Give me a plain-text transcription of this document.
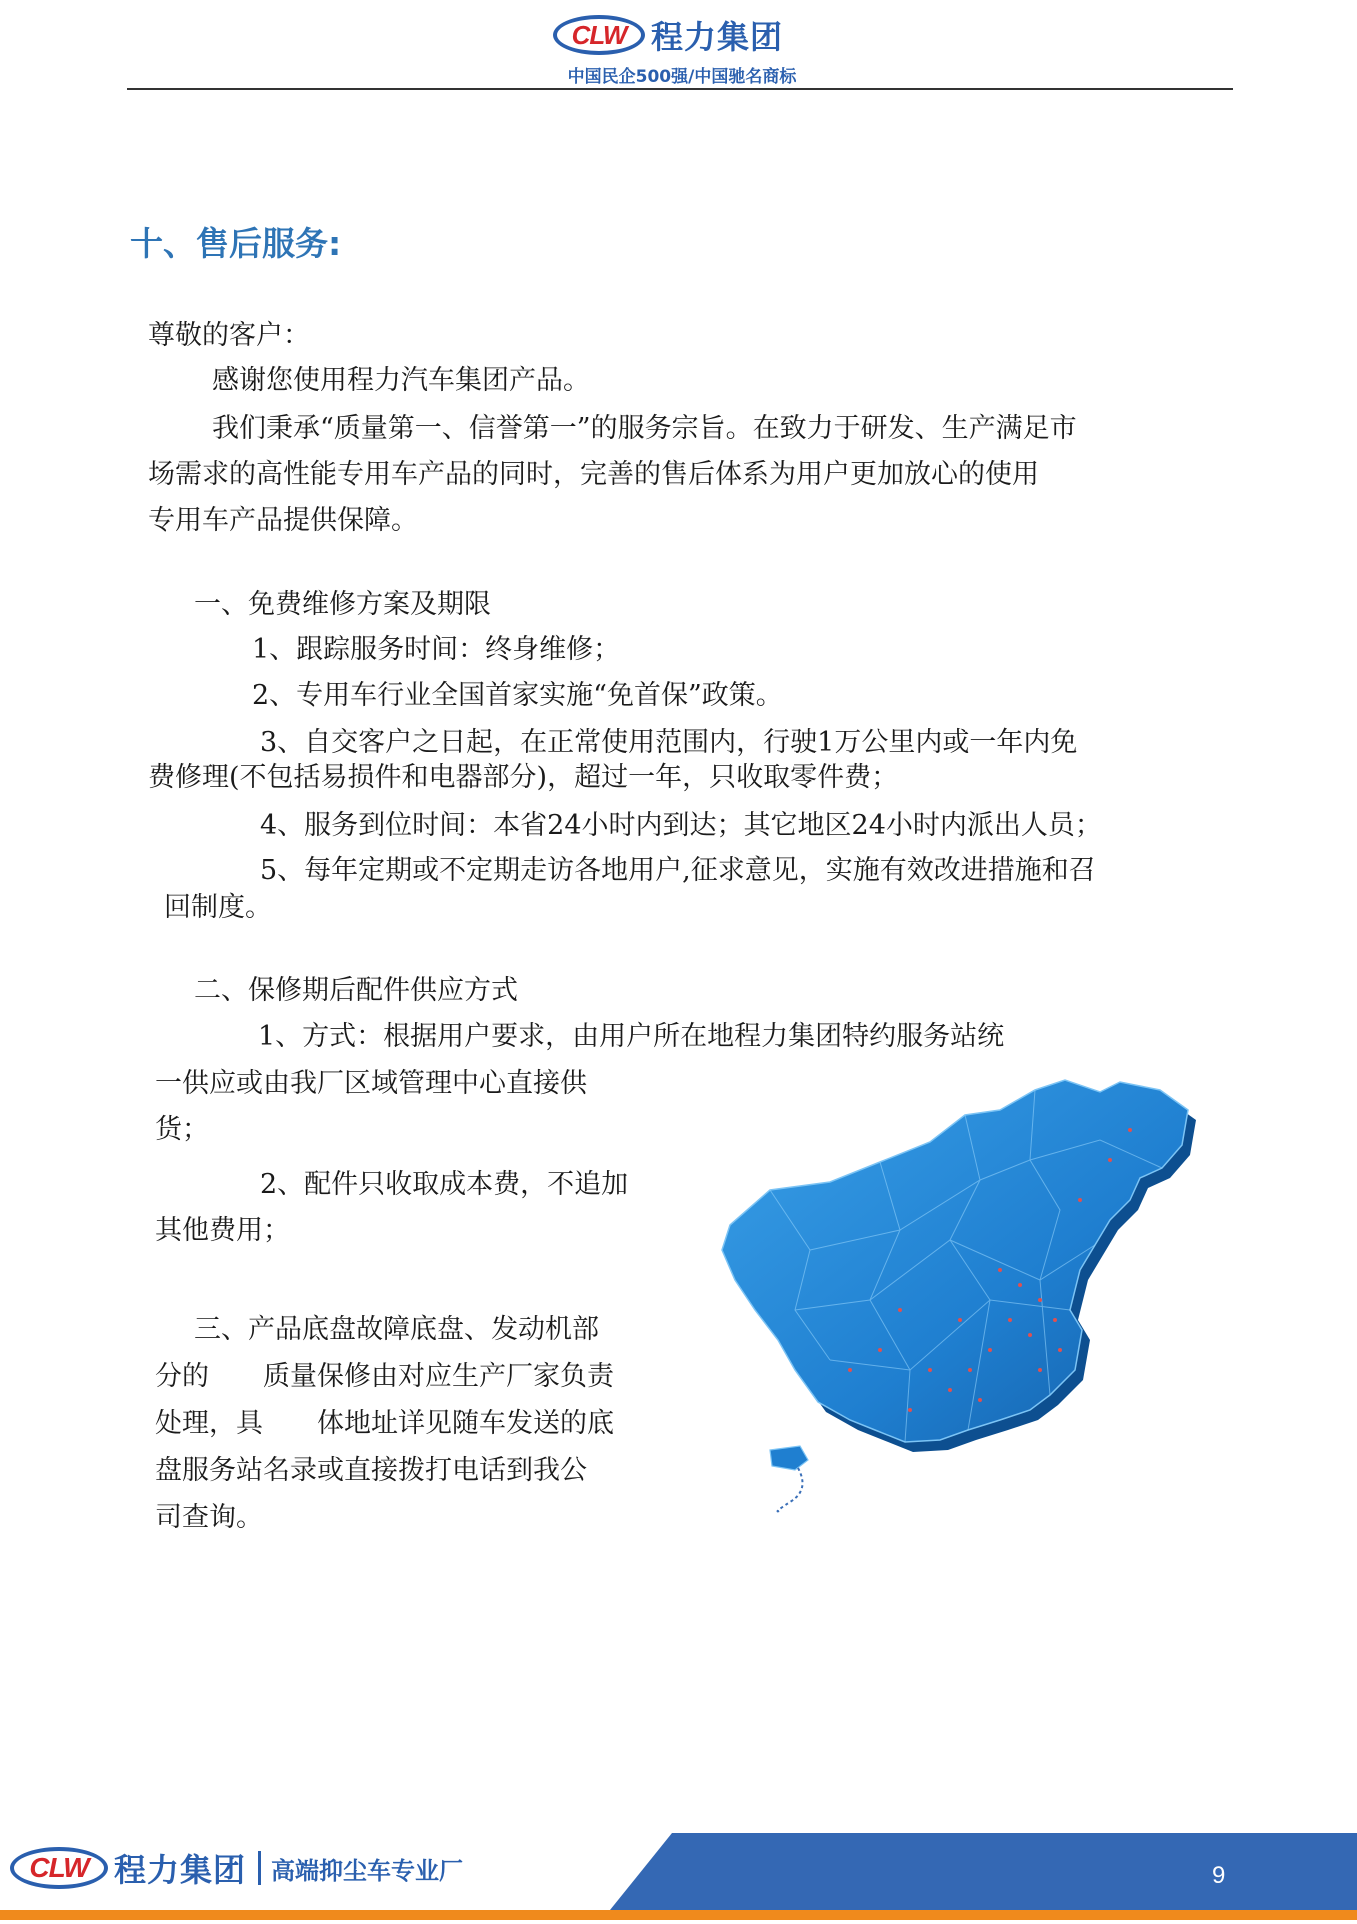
CLW 程力集团
中国民企500强/中国驰名商标
十、售后服务:
尊敬的客户：
感谢您使用程力汽车集团产品。
我们秉承“质量第一、信誉第一”的服务宗旨。在致力于研发、生产满足市
场需求的高性能专用车产品的同时，完善的售后体系为用户更加放心的使用
专用车产品提供保障。
一、免费维修方案及期限
1、跟踪服务时间：终身维修；
2、专用车行业全国首家实施“免首保”政策。
3、自交客户之日起，在正常使用范围内，行驶1万公里内或一年内免
费修理(不包括易损件和电器部分)，超过一年，只收取零件费；
4、服务到位时间：本省24小时内到达；其它地区24小时内派出人员；
5、每年定期或不定期走访各地用户,征求意见，实施有效改进措施和召
回制度。
二、保修期后配件供应方式
1、方式：根据用户要求，由用户所在地程力集团特约服务站统
一供应或由我厂区域管理中心直接供
货；
2、配件只收取成本费，不追加
其他费用；
三、产品底盘故障底盘、发动机部
分的　　质量保修由对应生产厂家负责
处理，具　　体地址详见随车发送的底
盘服务站名录或直接拨打电话到我公
司查询。
CLW 程力集团 高端抑尘车专业厂	9
